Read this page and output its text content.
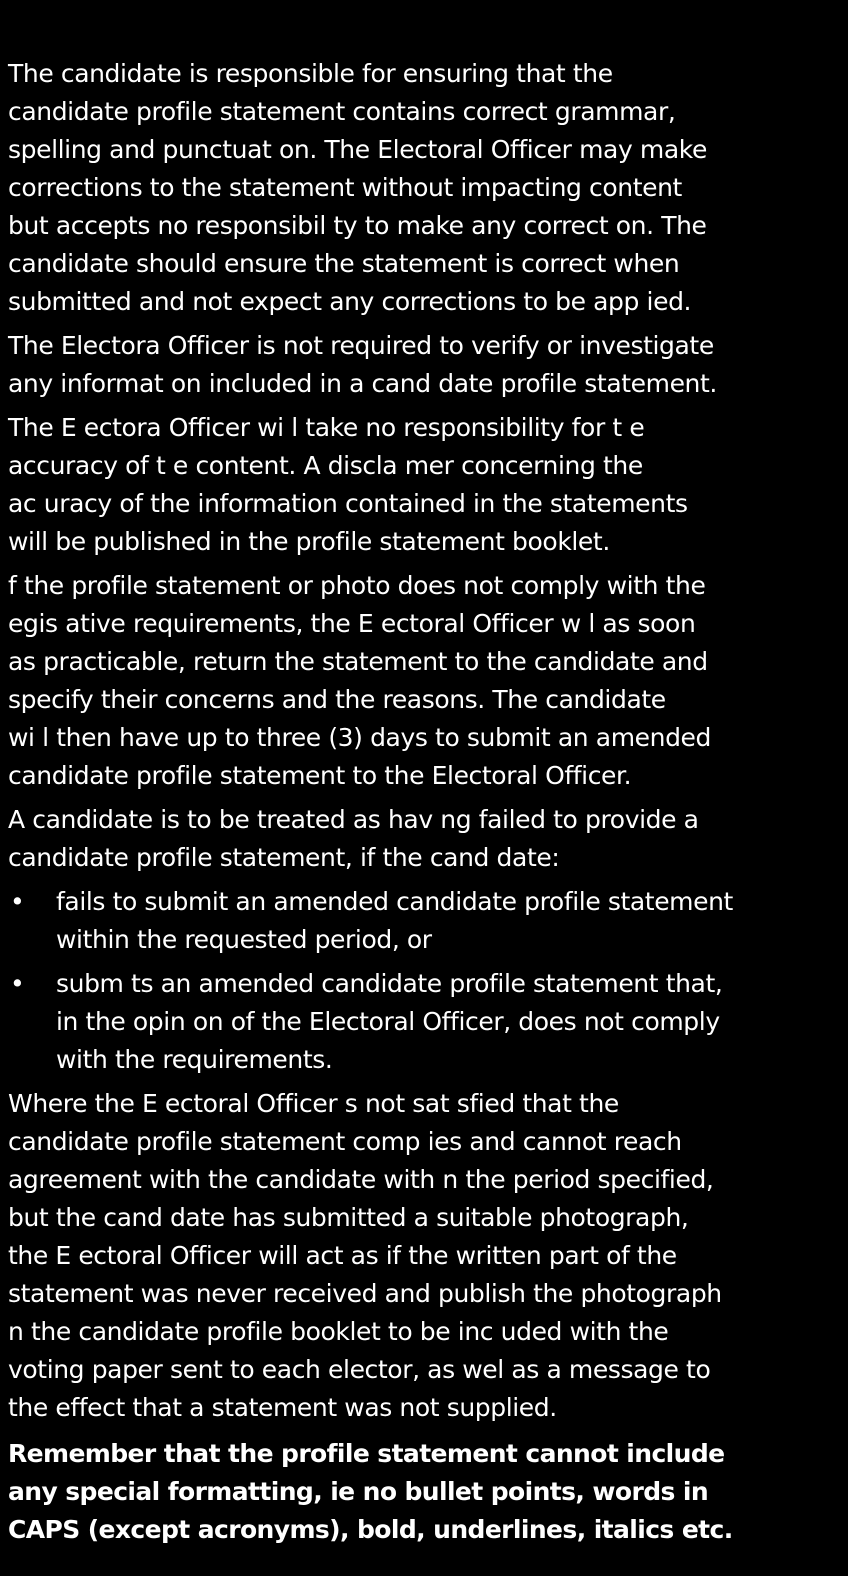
The candidate is responsible for ensuring that the
candidate profile statement contains correct grammar,
spelling and punctuat on. The Electoral Officer may make
corrections to the statement without impacting content
but accepts no responsibil ty to make any correct on. The
candidate should ensure the statement is correct when
submitted and not expect any corrections to be app ied.

The Electora Officer is not required to verify or investigate
any informat on included in a cand date profile statement.

The E ectora Officer wi l take no responsibility for t e
accuracy of t e content. A discla mer concerning the
ac uracy of the information contained in the statements
will be published in the profile statement booklet.

f the profile statement or photo does not comply with the
egis ative requirements, the E ectoral Officer w l as soon
as practicable, return the statement to the candidate and
specify their concerns and the reasons. The candidate
wi l then have up to three (3) days to submit an amended
candidate profile statement to the Electoral Officer.

A candidate is to be treated as hav ng failed to provide a
candidate profile statement, if the cand date:

•	fails to submit an amended candidate profile statement
within the requested period, or
•	subm ts an amended candidate profile statement that,
in the opin on of the Electoral Officer, does not comply
with the requirements.

Where the E ectoral Officer s not sat sfied that the
candidate profile statement comp ies and cannot reach
agreement with the candidate with n the period specified,
but the cand date has submitted a suitable photograph,
the E ectoral Officer will act as if the written part of the
statement was never received and publish the photograph
n the candidate profile booklet to be inc uded with the
voting paper sent to each elector, as wel as a message to
the effect that a statement was not supplied.

Remember that the profile statement cannot include
any special formatting, ie no bullet points, words in
CAPS (except acronyms), bold, underlines, italics etc.
